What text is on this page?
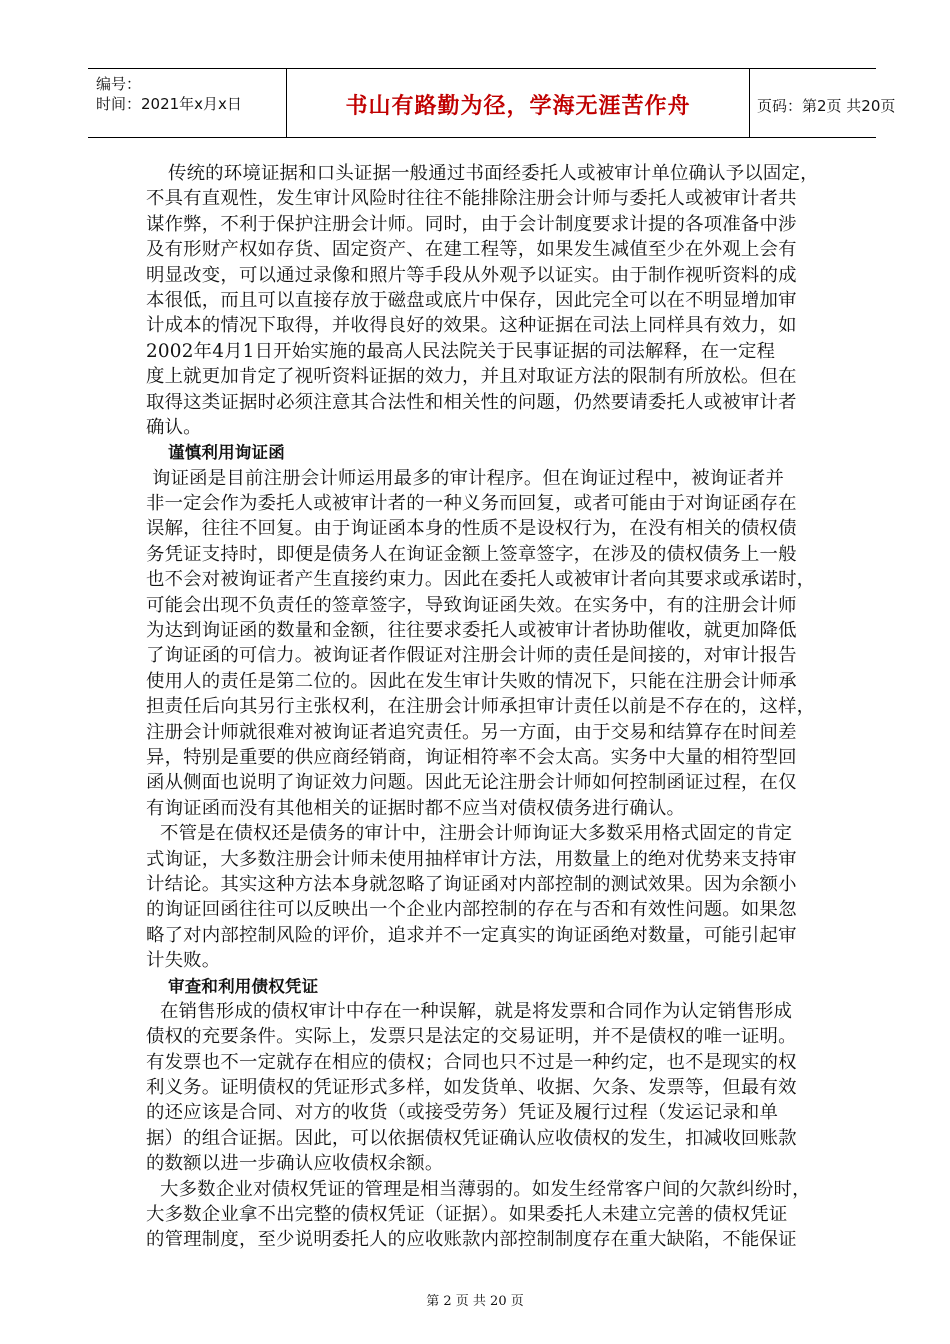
编号：
时间：2021年x月x日	书山有路勤为径，学海无涯苦作舟	页码：第2页 共20页
传统的环境证据和口头证据一般通过书面经委托人或被审计单位确认予以固定，
不具有直观性，发生审计风险时往往不能排除注册会计师与委托人或被审计者共
谋作弊，不利于保护注册会计师。同时，由于会计制度要求计提的各项准备中涉
及有形财产权如存货、固定资产、在建工程等，如果发生减值至少在外观上会有
明显改变，可以通过录像和照片等手段从外观予以证实。由于制作视听资料的成
本很低，而且可以直接存放于磁盘或底片中保存，因此完全可以在不明显增加审
计成本的情况下取得，并收得良好的效果。这种证据在司法上同样具有效力，如
2002年4月1日开始实施的最高人民法院关于民事证据的司法解释，在一定程
度上就更加肯定了视听资料证据的效力，并且对取证方法的限制有所放松。但在
取得这类证据时必须注意其合法性和相关性的问题，仍然要请委托人或被审计者
确认。
谨慎利用询证函
询证函是目前注册会计师运用最多的审计程序。但在询证过程中，被询证者并
非一定会作为委托人或被审计者的一种义务而回复，或者可能由于对询证函存在
误解，往往不回复。由于询证函本身的性质不是设权行为，在没有相关的债权债
务凭证支持时，即便是债务人在询证金额上签章签字，在涉及的债权债务上一般
也不会对被询证者产生直接约束力。因此在委托人或被审计者向其要求或承诺时，
可能会出现不负责任的签章签字，导致询证函失效。在实务中，有的注册会计师
为达到询证函的数量和金额，往往要求委托人或被审计者协助催收，就更加降低
了询证函的可信力。被询证者作假证对注册会计师的责任是间接的，对审计报告
使用人的责任是第二位的。因此在发生审计失败的情况下，只能在注册会计师承
担责任后向其另行主张权利，在注册会计师承担审计责任以前是不存在的，这样，
注册会计师就很难对被询证者追究责任。另一方面，由于交易和结算存在时间差
异，特别是重要的供应商经销商，询证相符率不会太高。实务中大量的相符型回
函从侧面也说明了询证效力问题。因此无论注册会计师如何控制函证过程，在仅
有询证函而没有其他相关的证据时都不应当对债权债务进行确认。
不管是在债权还是债务的审计中，注册会计师询证大多数采用格式固定的肯定
式询证，大多数注册会计师未使用抽样审计方法，用数量上的绝对优势来支持审
计结论。其实这种方法本身就忽略了询证函对内部控制的测试效果。因为余额小
的询证回函往往可以反映出一个企业内部控制的存在与否和有效性问题。如果忽
略了对内部控制风险的评价，追求并不一定真实的询证函绝对数量，可能引起审
计失败。
审查和利用债权凭证
在销售形成的债权审计中存在一种误解，就是将发票和合同作为认定销售形成
债权的充要条件。实际上，发票只是法定的交易证明，并不是债权的唯一证明。
有发票也不一定就存在相应的债权；合同也只不过是一种约定，也不是现实的权
利义务。证明债权的凭证形式多样，如发货单、收据、欠条、发票等，但最有效
的还应该是合同、对方的收货（或接受劳务）凭证及履行过程（发运记录和单
据）的组合证据。因此，可以依据债权凭证确认应收债权的发生，扣减收回账款
的数额以进一步确认应收债权余额。
大多数企业对债权凭证的管理是相当薄弱的。如发生经常客户间的欠款纠纷时，
大多数企业拿不出完整的债权凭证（证据）。如果委托人未建立完善的债权凭证
的管理制度，至少说明委托人的应收账款内部控制制度存在重大缺陷，不能保证
第 2 页 共 20 页
